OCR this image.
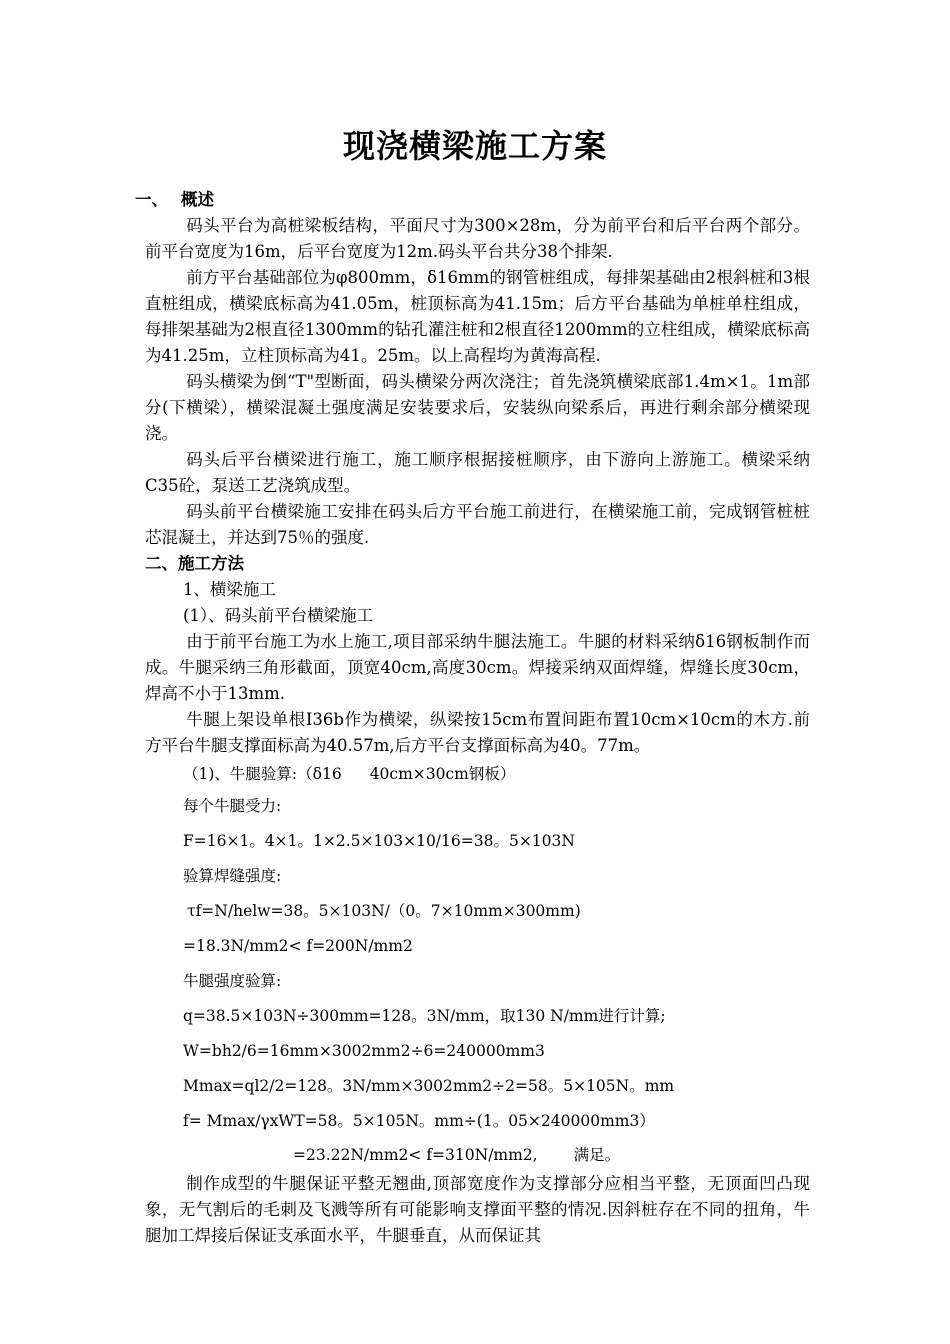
现浇横梁施工方案

一、 概述

码头平台为高桩梁板结构，平面尺寸为300×28m，分为前平台和后平台两个部分。前平台宽度为16m，后平台宽度为12m.码头平台共分38个排架.

前方平台基础部位为φ800mm，δ16mm的钢管桩组成，每排架基础由2根斜桩和3根直桩组成，横梁底标高为41.05m，桩顶标高为41.15m；后方平台基础为单桩单柱组成，每排架基础为2根直径1300mm的钻孔灌注桩和2根直径1200mm的立柱组成，横梁底标高为41.25m，立柱顶标高为41。25m。以上高程均为黄海高程.

码头横梁为倒“T"型断面，码头横梁分两次浇注；首先浇筑横梁底部1.4m×1。1m部分(下横梁），横梁混凝土强度满足安装要求后，安装纵向梁系后，再进行剩余部分横梁现浇。

码头后平台横梁进行施工，施工顺序根据接桩顺序，由下游向上游施工。横梁采纳C35砼，泵送工艺浇筑成型。

码头前平台横梁施工安排在码头后方平台施工前进行，在横梁施工前，完成钢管桩桩芯混凝土，并达到75％的强度.

二、施工方法

1、横梁施工

(1）、码头前平台横梁施工

由于前平台施工为水上施工,项目部采纳牛腿法施工。牛腿的材料采纳δ16钢板制作而成。牛腿采纳三角形截面，顶宽40cm,高度30cm。焊接采纳双面焊缝，焊缝长度30cm，焊高不小于13mm.

牛腿上架设单根I36b作为横梁，纵梁按15cm布置间距布置10cm×10cm的木方.前方平台牛腿支撑面标高为40.57m,后方平台支撑面标高为40。77m。

（1)、牛腿验算:（δ16 40cm×30cm钢板）

每个牛腿受力:

F=16×1。4×1。1×2.5×103×10/16=38。5×103N

验算焊缝强度:

τf=N/helw=38。5×103N/（0。7×10mm×300mm)

=18.3N/mm2< f=200N/mm2

牛腿强度验算:

q=38.5×103N÷300mm=128。3N/mm，取130 N/mm进行计算;

W=bh2/6=16mm×3002mm2÷6=240000mm3

Mmax=ql2/2=128。3N/mm×3002mm2÷2=58。5×105N。mm

f= Mmax/γxWT=58。5×105N。mm÷(1。05×240000mm3）

=23.22N/mm2< f=310N/mm2, 满足。

制作成型的牛腿保证平整无翘曲,顶部宽度作为支撑部分应相当平整，无顶面凹凸现象，无气割后的毛刺及飞溅等所有可能影响支撑面平整的情况.因斜桩存在不同的扭角，牛腿加工焊接后保证支承面水平，牛腿垂直，从而保证其
